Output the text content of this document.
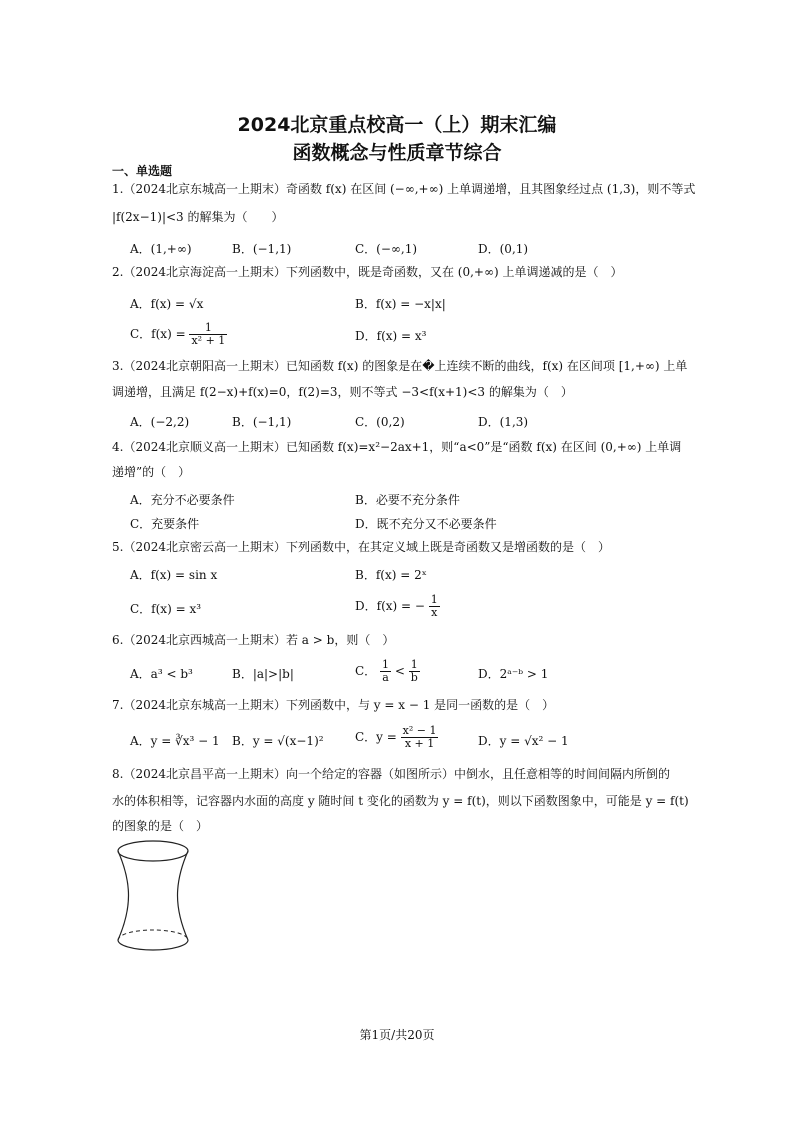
2024北京重点校高一（上）期末汇编
函数概念与性质章节综合
一、单选题
1.（2024北京东城高一上期末）奇函数 f(x) 在区间 (−∞,+∞) 上单调递增，且其图象经过点 (1,3)，则不等式
|f(2x−1)|<3 的解集为（　　）
A．(1,+∞)	B．(−1,1)	C．(−∞,1)	D．(0,1)
2.（2024北京海淀高一上期末）下列函数中，既是奇函数，又在 (0,+∞) 上单调递减的是（　）
A．f(x) = √x	B．f(x) = −x|x|
C．$f(x) = \frac{1}{\text{x² + 1}}$	D．f(x) = x³
3.（2024北京朝阳高一上期末）已知函数 f(x) 的图象是在�上连续不断的曲线，f(x) 在区间项 [1,+∞) 上单
调递增，且满足 f(2−x)+f(x)=0，f(2)=3，则不等式 −3<f(x+1)<3 的解集为（　）
A．(−2,2)	B．(−1,1)	C．(0,2)	D．(1,3)
4.（2024北京顺义高一上期末）已知函数 f(x)=x²−2ax+1，则“a<0”是“函数 f(x) 在区间 (0,+∞) 上单调
递增”的（　）
A．充分不必要条件	B．必要不充分条件
C．充要条件	D．既不充分又不必要条件
5.（2024北京密云高一上期末）下列函数中，在其定义域上既是奇函数又是增函数的是（　）
A．f(x) = sin x	B．f(x) = 2ˣ
C．f(x) = x³	D．f(x) = − $\frac{1}{x}$
6.（2024北京西城高一上期末）若 a > b，则（　）
A．a³ < b³	B．|a|>|b|	C． $\frac{1}{a} < \frac{1}{b}$	D．2ᵃ⁻ᵇ > 1
7.（2024北京东城高一上期末）下列函数中，与 y = x − 1 是同一函数的是（　）
A．y = ∛x³ − 1 B．y = √(x−1)²	C．$y = \frac{\text{x² − 1}}{x + 1}$	D．y = √x² − 1
8.（2024北京昌平高一上期末）向一个给定的容器（如图所示）中倒水，且任意相等的时间间隔内所倒的
水的体积相等，记容器内水面的高度 y 随时间 t 变化的函数为 y = f(t)，则以下函数图象中，可能是 y = f(t)
的图象的是（　）
第1页/共20页
